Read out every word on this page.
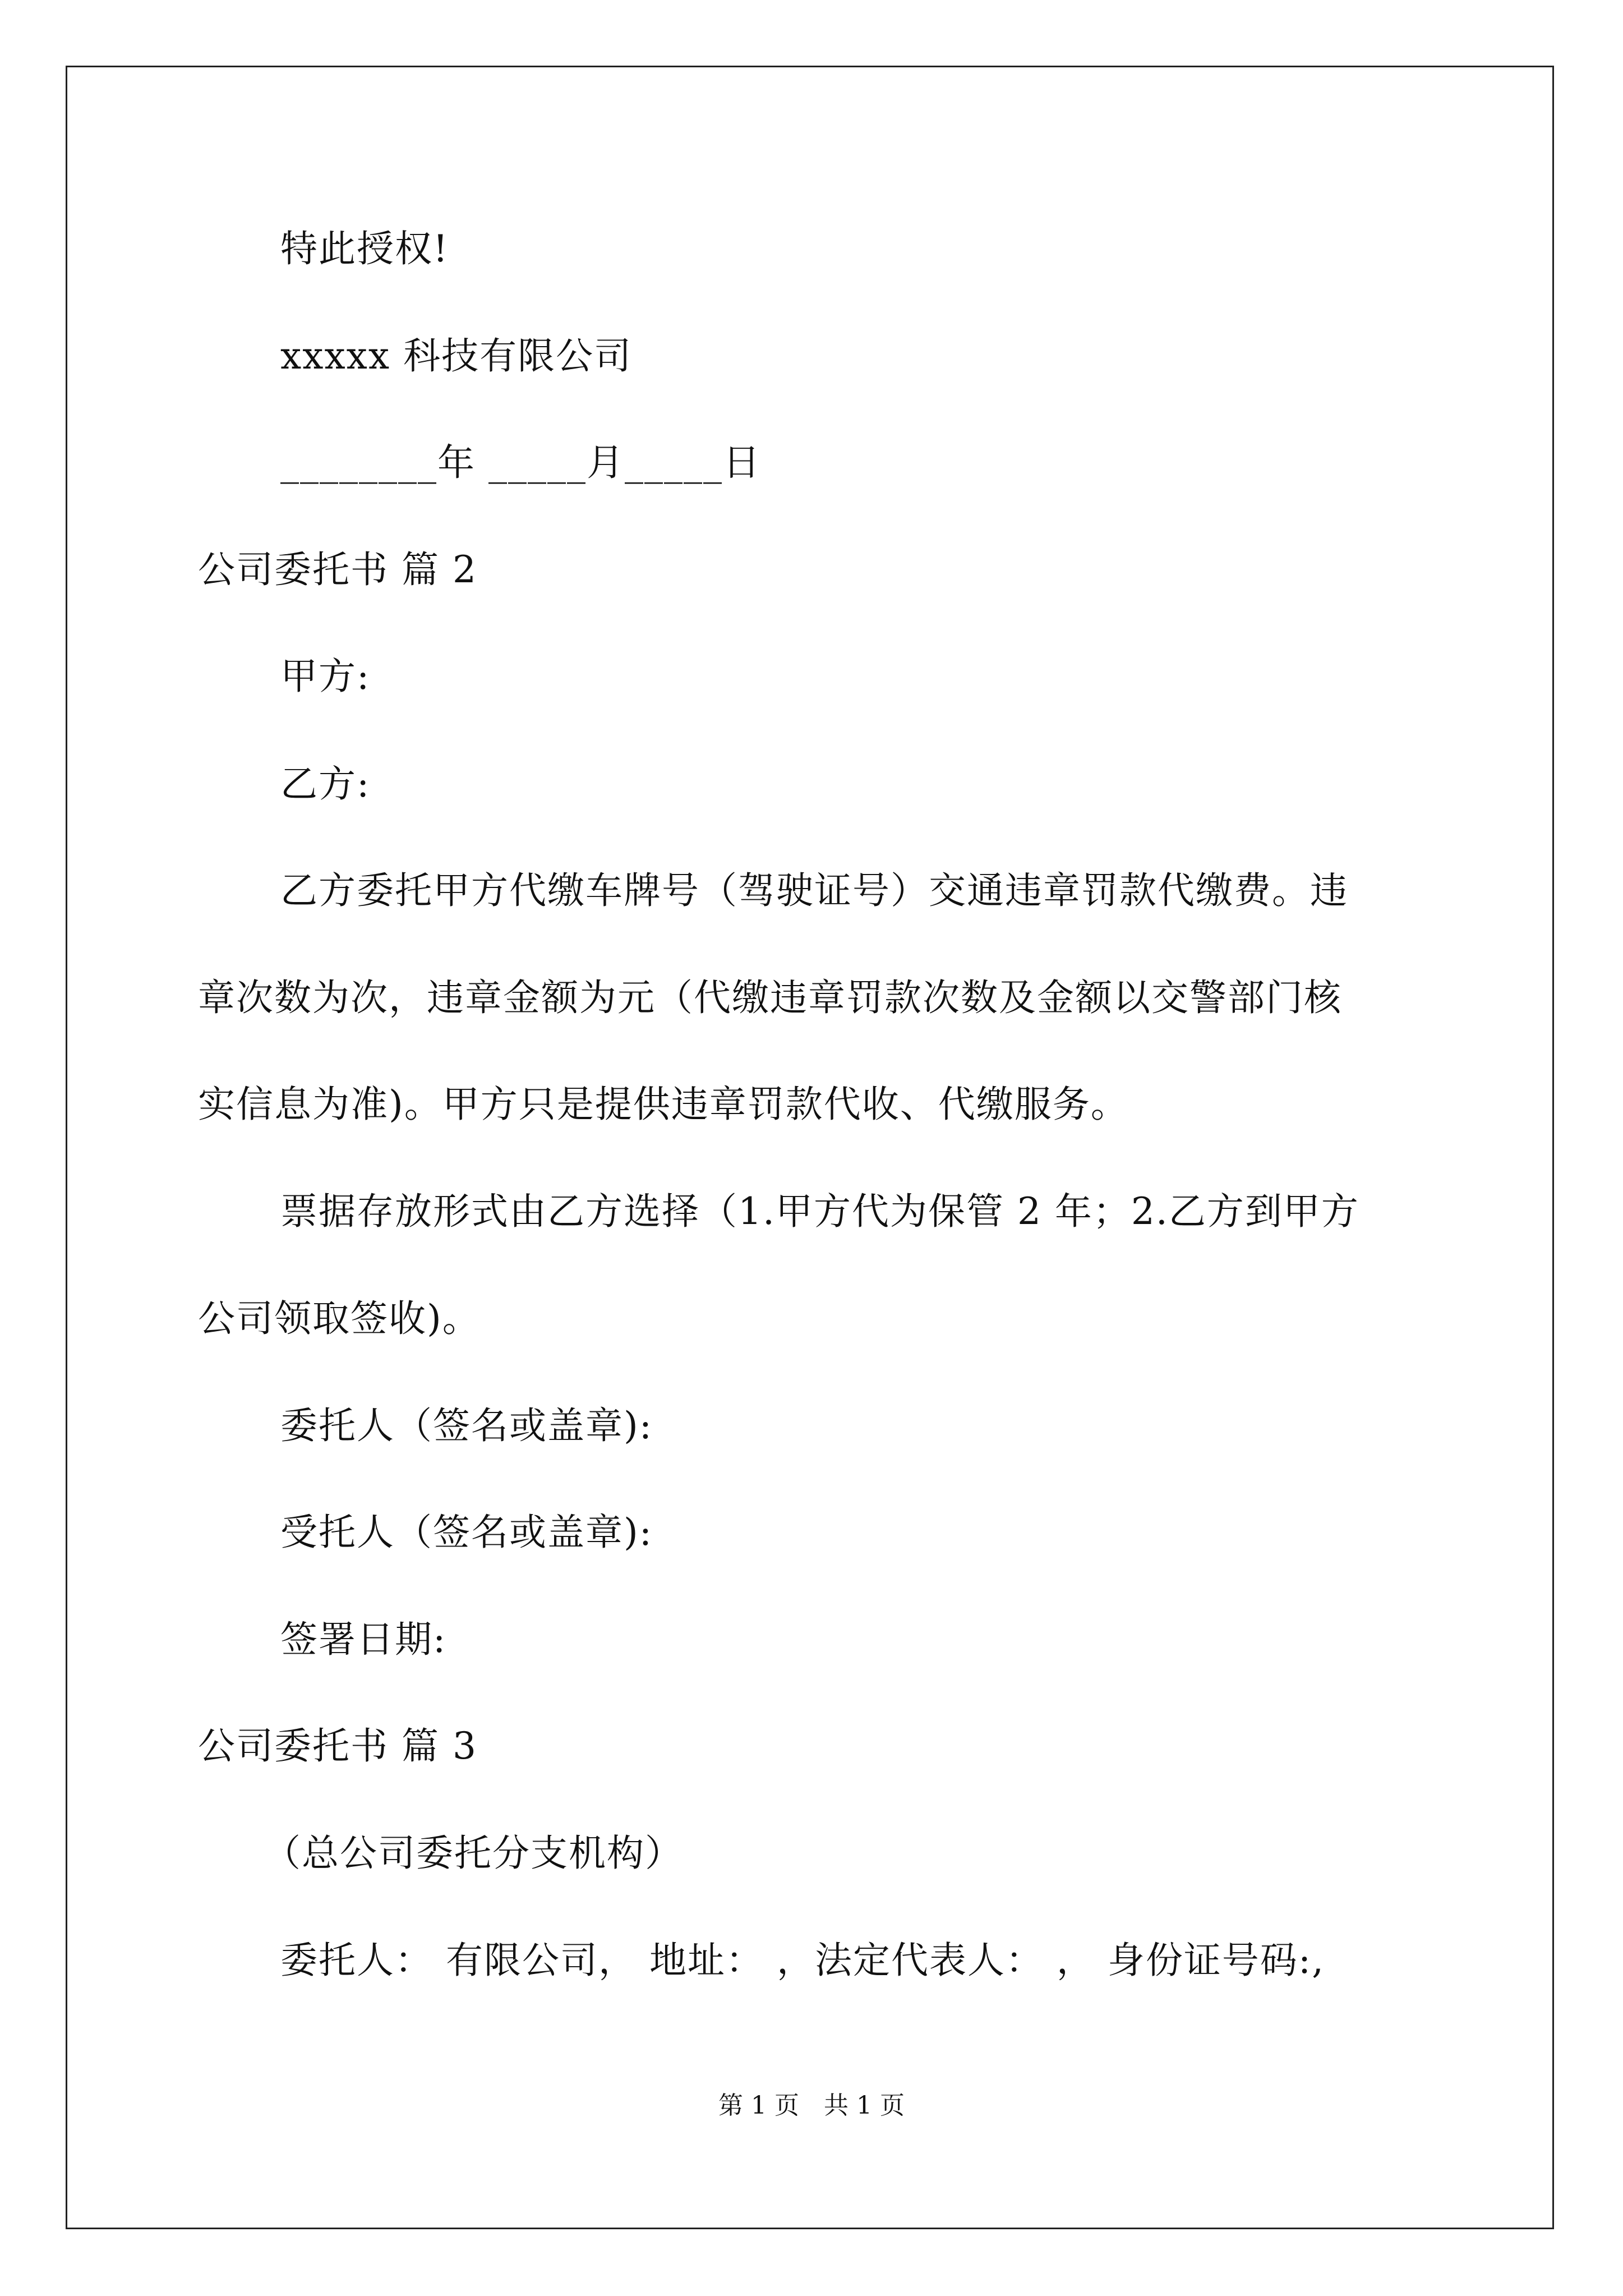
特此授权!
xxxxx 科技有限公司
________年 _____月_____日
公司委托书 篇 2
甲方:
乙方:
乙方委托甲方代缴车牌号（驾驶证号）交通违章罚款代缴费。违
章次数为次，违章金额为元（代缴违章罚款次数及金额以交警部门核
实信息为准)。甲方只是提供违章罚款代收、代缴服务。
票据存放形式由乙方选择（1.甲方代为保管 2 年；2.乙方到甲方
公司领取签收)。
委托人（签名或盖章):
受托人（签名或盖章):
签署日期:
公司委托书 篇 3
（总公司委托分支机构）
委托人： 有限公司， 地址： ，法定代表人： ， 身份证号码:,
第 1 页　共 1 页
